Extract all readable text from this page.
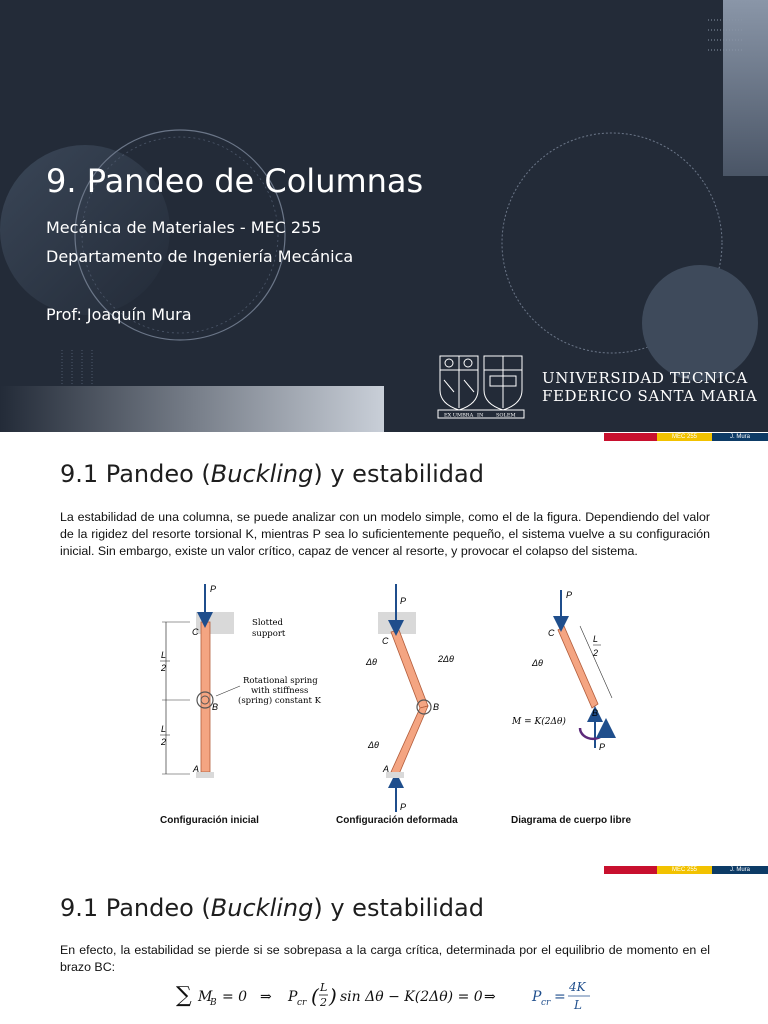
9. Pandeo de Columnas
Mecánica de Materiales - MEC 255
Departamento de Ingeniería Mecánica
Prof: Joaquín Mura
EX UMBRA IN	SOLEM
UNIVERSIDAD TECNICA
FEDERICO SANTA MARIA
MEC 255	J. Mura
9.1 Pandeo (Buckling) y estabilidad

La estabilidad de una columna, se puede analizar con un modelo simple, como el de la figura. Dependiendo del valor de la rigidez del resorte torsional K, mientras P sea lo suficientemente pequeño, el sistema vuelve a su configuración inicial. Sin embargo, existe un valor crítico, capaz de vencer al resorte, y provocar el colapso del sistema.

P
C
Slotted
support
Rotational spring
with stiffness
(spring) constant K
B
A
L
2
L
2
P
P
C
Δθ	2Δθ
B
Δθ
A
P
P
C
Δθ
B
L
2
M = K(2Δθ)
Configuración inicial	Configuración deformada	Diagrama de cuerpo libre
MEC 255	J. Mura
9.1 Pandeo (Buckling) y estabilidad

En efecto, la estabilidad se pierde si se sobrepasa a la carga crítica, determinada por el equilibrio de momento en el brazo BC:

∑ M
B = 0 ⇒ P cr ( L
2 ) sin Δθ − K(2Δθ) = 0 ⇒	P cr =
4K
L
